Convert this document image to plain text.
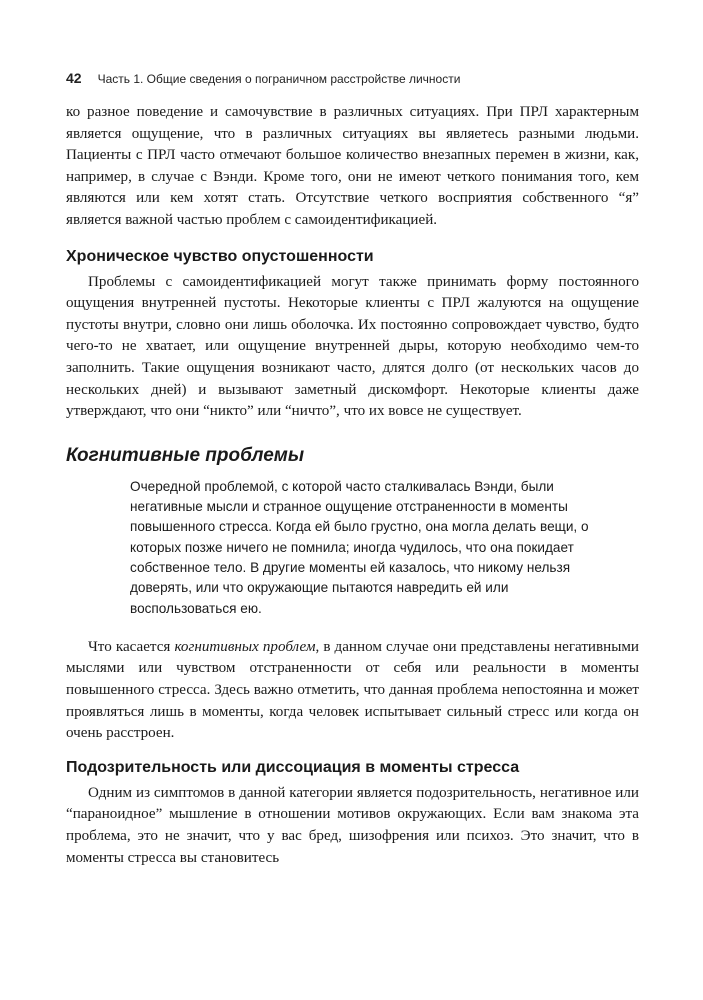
42 Часть 1. Общие сведения о пограничном расстройстве личности

ко разное поведение и самочувствие в различных ситуациях. При ПРЛ характерным является ощущение, что в различных ситуациях вы являетесь разными людьми. Пациенты с ПРЛ часто отмечают большое количество внезапных перемен в жизни, как, например, в случае с Вэнди. Кроме того, они не имеют четкого понимания того, кем являются или кем хотят стать. Отсутствие четкого восприятия собственного “я” является важной частью проблем с самоидентификацией.

Хроническое чувство опустошенности

Проблемы с самоидентификацией могут также принимать форму постоянного ощущения внутренней пустоты. Некоторые клиенты с ПРЛ жалуются на ощущение пустоты внутри, словно они лишь оболочка. Их постоянно сопровождает чувство, будто чего-то не хватает, или ощущение внутренней дыры, которую необходимо чем-то заполнить. Такие ощущения возникают часто, длятся долго (от нескольких часов до нескольких дней) и вызывают заметный дискомфорт. Некоторые клиенты даже утверждают, что они “никто” или “ничто”, что их вовсе не существует.

Когнитивные проблемы
Очередной проблемой, с которой часто сталкивалась Вэнди, были негативные мысли и странное ощущение отстраненности в моменты повышенного стресса. Когда ей было грустно, она могла делать вещи, о которых позже ничего не помнила; иногда чудилось, что она покидает собственное тело. В другие моменты ей казалось, что никому нельзя доверять, или что окружающие пытаются навредить ей или воспользоваться ею.

Что касается когнитивных проблем, в данном случае они представлены негативными мыслями или чувством отстраненности от себя или реальности в моменты повышенного стресса. Здесь важно отметить, что данная проблема непостоянна и может проявляться лишь в моменты, когда человек испытывает сильный стресс или когда он очень расстроен.

Подозрительность или диссоциация в моменты стресса

Одним из симптомов в данной категории является подозрительность, негативное или “параноидное” мышление в отношении мотивов окружающих. Если вам знакома эта проблема, это не значит, что у вас бред, шизофрения или психоз. Это значит, что в моменты стресса вы становитесь
